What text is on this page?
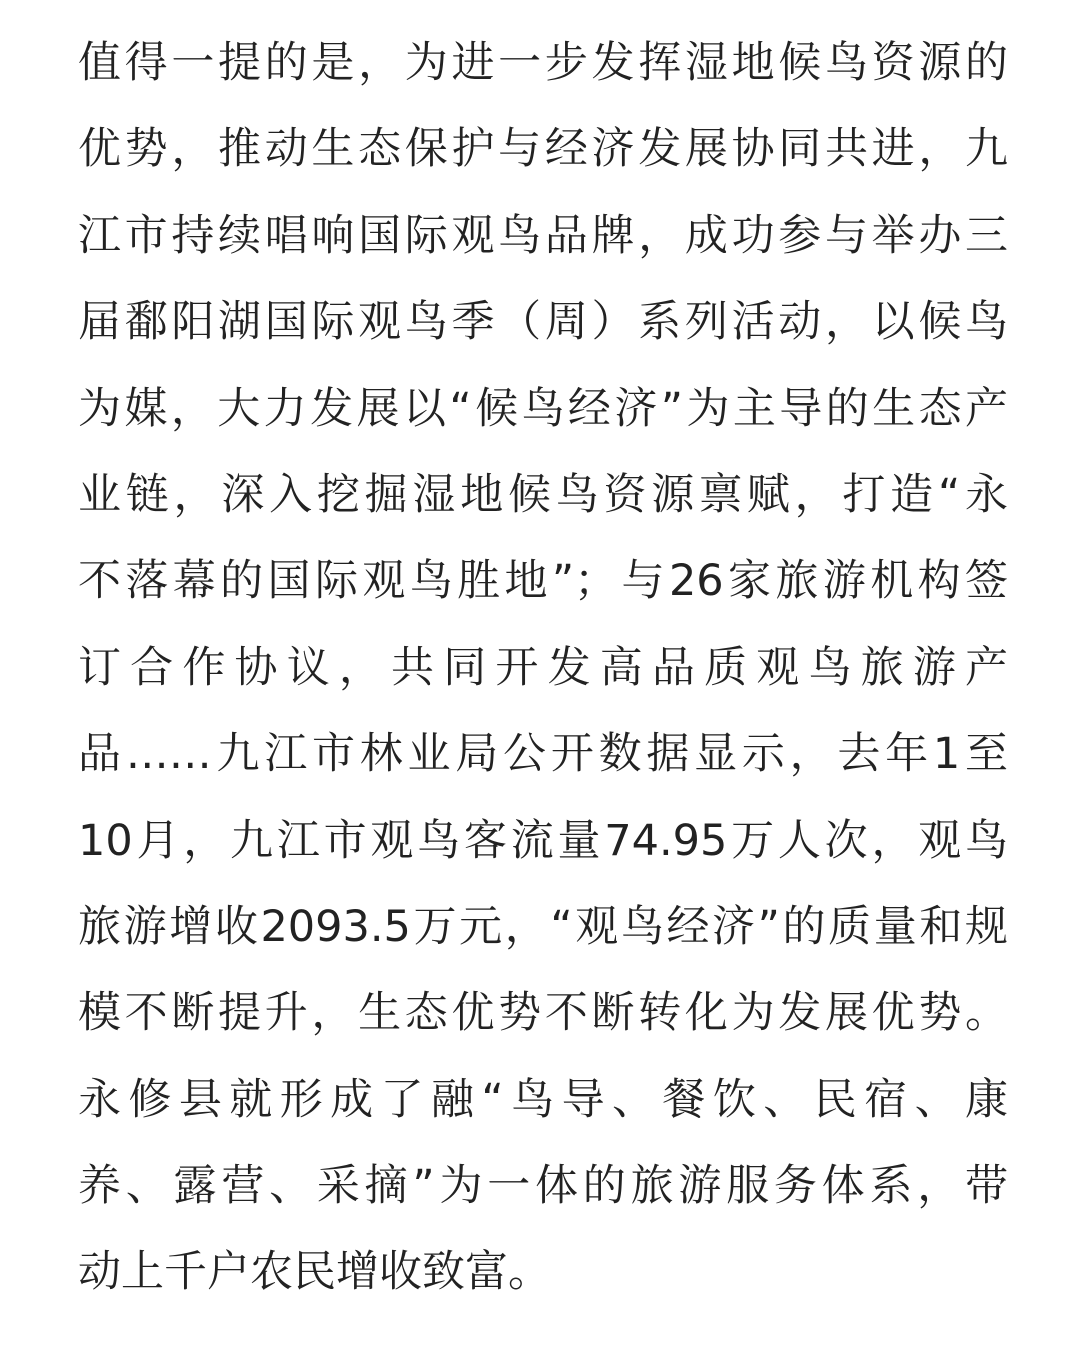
值得一提的是，为进一步发挥湿地候鸟资源的
优势，推动生态保护与经济发展协同共进，九
江市持续唱响国际观鸟品牌，成功参与举办三
届鄱阳湖国际观鸟季（周）系列活动，以候鸟
为媒，大力发展以“候鸟经济”为主导的生态产
业链，深入挖掘湿地候鸟资源禀赋，打造“永
不落幕的国际观鸟胜地”；与26家旅游机构签
订合作协议，共同开发高品质观鸟旅游产
品……九江市林业局公开数据显示，去年1至
10月，九江市观鸟客流量74.95万人次，观鸟
旅游增收2093.5万元，“观鸟经济”的质量和规
模不断提升，生态优势不断转化为发展优势。
永修县就形成了融“鸟导、餐饮、民宿、康
养、露营、采摘”为一体的旅游服务体系，带
动上千户农民增收致富。
